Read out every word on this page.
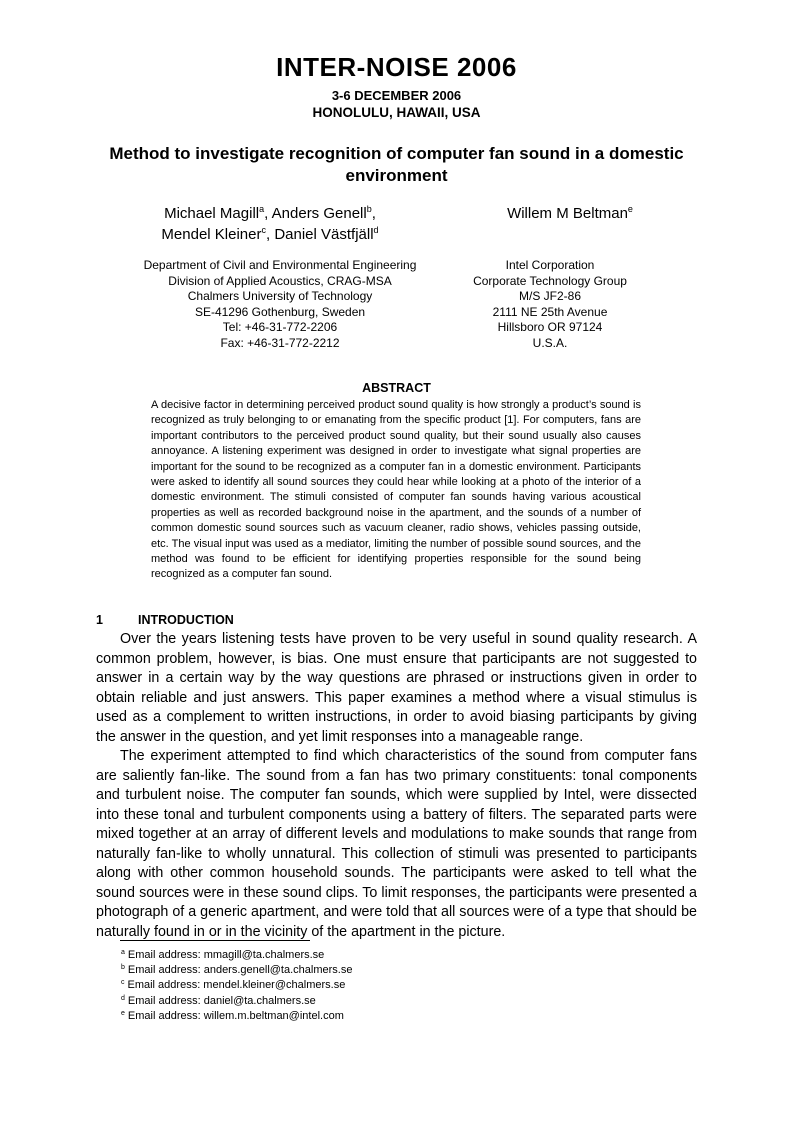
INTER-NOISE 2006
3-6 DECEMBER 2006
HONOLULU, HAWAII, USA
Method to investigate recognition of computer fan sound in a domestic environment
Michael Magill$^a$, Anders Genell$^b$,
Mendel Kleiner$^c$, Daniel Västfjäll$^d$
Willem M Beltman$^e$
Department of Civil and Environmental Engineering
Division of Applied Acoustics, CRAG-MSA
Chalmers University of Technology
SE-41296 Gothenburg, Sweden
Tel: +46-31-772-2206
Fax: +46-31-772-2212
Intel Corporation
Corporate Technology Group
M/S JF2-86
2111 NE 25th Avenue
Hillsboro OR 97124
U.S.A.
ABSTRACT
A decisive factor in determining perceived product sound quality is how strongly a product’s sound is recognized as truly belonging to or emanating from the specific product [1]. For computers, fans are important contributors to the perceived product sound quality, but their sound usually also causes annoyance. A listening experiment was designed in order to investigate what signal properties are important for the sound to be recognized as a computer fan in a domestic environment. Participants were asked to identify all sound sources they could hear while looking at a photo of the interior of a domestic environment. The stimuli consisted of computer fan sounds having various acoustical properties as well as recorded background noise in the apartment, and the sounds of a number of common domestic sound sources such as vacuum cleaner, radio shows, vehicles passing outside, etc. The visual input was used as a mediator, limiting the number of possible sound sources, and the method was found to be efficient for identifying properties responsible for the sound being recognized as a computer fan sound.
1	INTRODUCTION

Over the years listening tests have proven to be very useful in sound quality research. A common problem, however, is bias. One must ensure that participants are not suggested to answer in a certain way by the way questions are phrased or instructions given in order to obtain reliable and just answers. This paper examines a method where a visual stimulus is used as a complement to written instructions, in order to avoid biasing participants by giving the answer in the question, and yet limit responses into a manageable range.

The experiment attempted to find which characteristics of the sound from computer fans are saliently fan-like. The sound from a fan has two primary constituents: tonal components and turbulent noise. The computer fan sounds, which were supplied by Intel, were dissected into these tonal and turbulent components using a battery of filters. The separated parts were mixed together at an array of different levels and modulations to make sounds that range from naturally fan-like to wholly unnatural. This collection of stimuli was presented to participants along with other common household sounds. The participants were asked to tell what the sound sources were in these sound clips. To limit responses, the participants were presented a photograph of a generic apartment, and were told that all sources were of a type that should be naturally found in or in the vicinity of the apartment in the picture.

$^a$ Email address: mmagill@ta.chalmers.se
$^b$ Email address: anders.genell@ta.chalmers.se
$^c$ Email address: mendel.kleiner@chalmers.se
$^d$ Email address: daniel@ta.chalmers.se
$^e$ Email address: willem.m.beltman@intel.com
